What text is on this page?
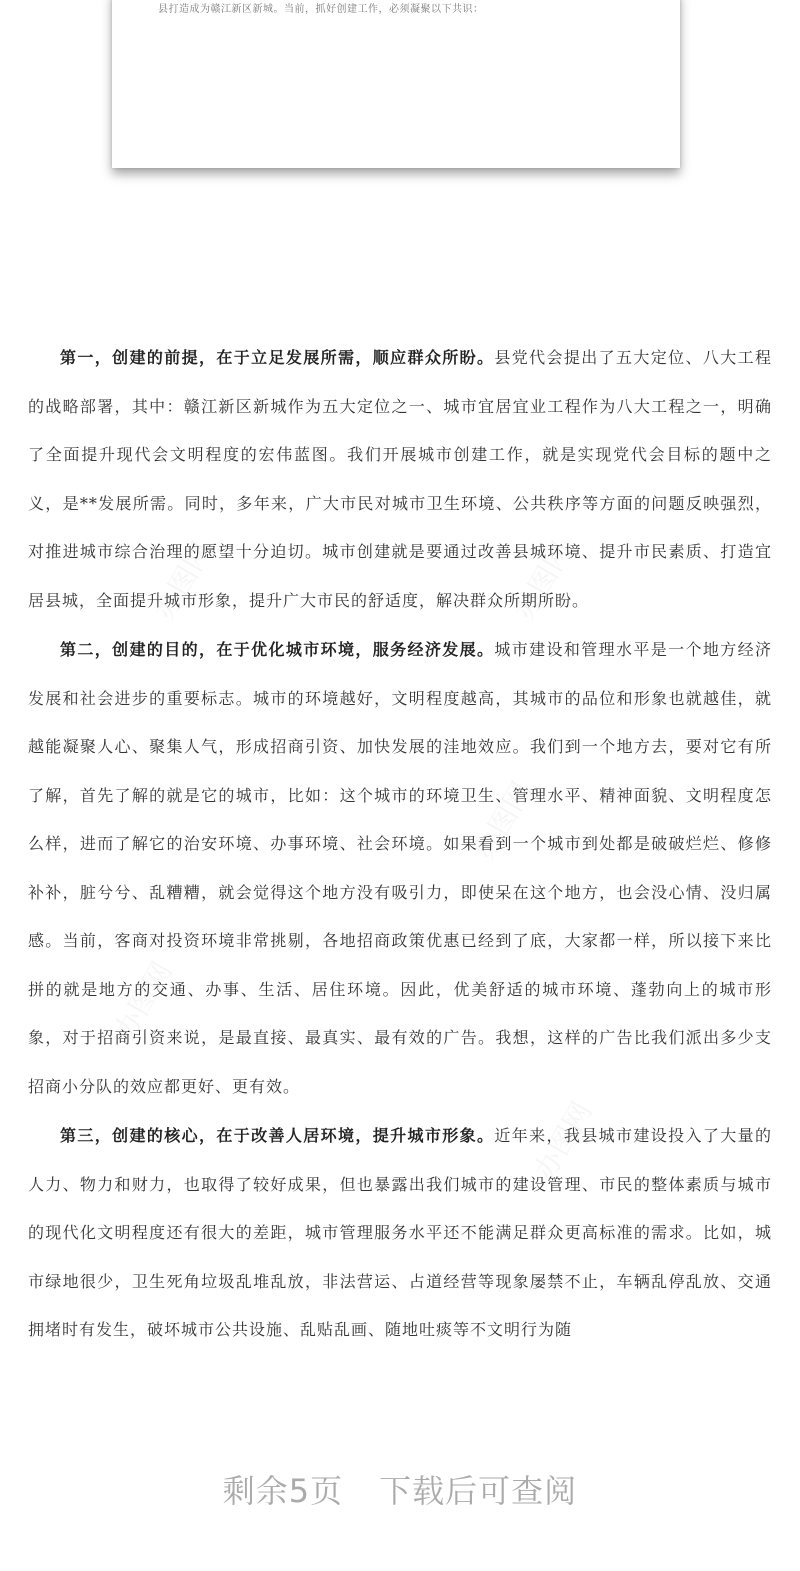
县打造成为赣江新区新城。当前，抓好创建工作，必须凝聚以下共识：
办图网	办图网
办图网
办图网
办图网

第一，创建的前提，在于立足发展所需，顺应群众所盼。县党代会提出了五大定位、八大工程的战略部署，其中：赣江新区新城作为五大定位之一、城市宜居宜业工程作为八大工程之一，明确了全面提升现代会文明程度的宏伟蓝图。我们开展城市创建工作，就是实现党代会目标的题中之义，是**发展所需。同时，多年来，广大市民对城市卫生环境、公共秩序等方面的问题反映强烈，对推进城市综合治理的愿望十分迫切。城市创建就是要通过改善县城环境、提升市民素质、打造宜居县城，全面提升城市形象，提升广大市民的舒适度，解决群众所期所盼。

第二，创建的目的，在于优化城市环境，服务经济发展。城市建设和管理水平是一个地方经济发展和社会进步的重要标志。城市的环境越好，文明程度越高，其城市的品位和形象也就越佳，就越能凝聚人心、聚集人气，形成招商引资、加快发展的洼地效应。我们到一个地方去，要对它有所了解，首先了解的就是它的城市，比如：这个城市的环境卫生、管理水平、精神面貌、文明程度怎么样，进而了解它的治安环境、办事环境、社会环境。如果看到一个城市到处都是破破烂烂、修修补补，脏兮兮、乱糟糟，就会觉得这个地方没有吸引力，即使呆在这个地方，也会没心情、没归属感。当前，客商对投资环境非常挑剔，各地招商政策优惠已经到了底，大家都一样，所以接下来比拼的就是地方的交通、办事、生活、居住环境。因此，优美舒适的城市环境、蓬勃向上的城市形象，对于招商引资来说，是最直接、最真实、最有效的广告。我想，这样的广告比我们派出多少支招商小分队的效应都更好、更有效。

第三，创建的核心，在于改善人居环境，提升城市形象。近年来，我县城市建设投入了大量的人力、物力和财力，也取得了较好成果，但也暴露出我们城市的建设管理、市民的整体素质与城市的现代化文明程度还有很大的差距，城市管理服务水平还不能满足群众更高标准的需求。比如，城市绿地很少，卫生死角垃圾乱堆乱放，非法营运、占道经营等现象屡禁不止，车辆乱停乱放、交通拥堵时有发生，破坏城市公共设施、乱贴乱画、随地吐痰等不文明行为随

剩余5页 下载后可查阅
